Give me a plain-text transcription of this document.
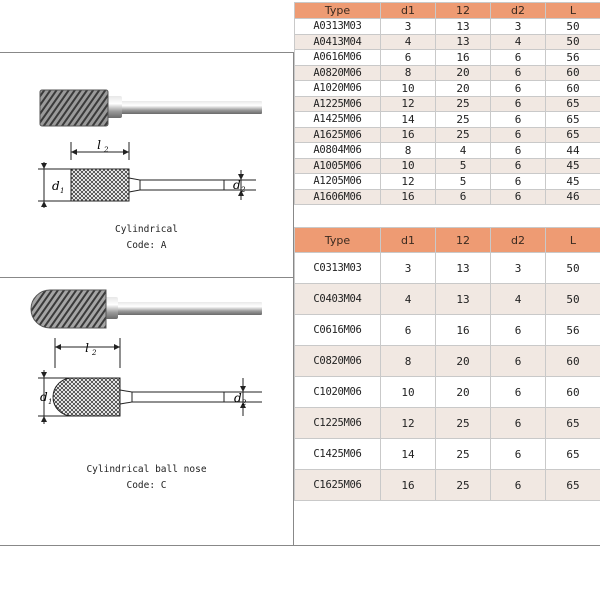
l 2
d 1	d 2
Cylindrical
Code: A
l 2
d 1	d 2
Cylindrical ball nose
Code: C
Type	d1	12	d2	L
A0313M03	3	13	3	50
A0413M04	4	13	4	50
A0616M06	6	16	6	56
A0820M06	8	20	6	60
A1020M06	10	20	6	60
A1225M06	12	25	6	65
A1425M06	14	25	6	65
A1625M06	16	25	6	65
A0804M06	8	4	6	44
A1005M06	10	5	6	45
A1205M06	12	5	6	45
A1606M06	16	6	6	46
Type	d1	12	d2	L
C0313M03	3	13	3	50
C0403M04	4	13	4	50
C0616M06	6	16	6	56
C0820M06	8	20	6	60
C1020M06	10	20	6	60
C1225M06	12	25	6	65
C1425M06	14	25	6	65
C1625M06	16	25	6	65
